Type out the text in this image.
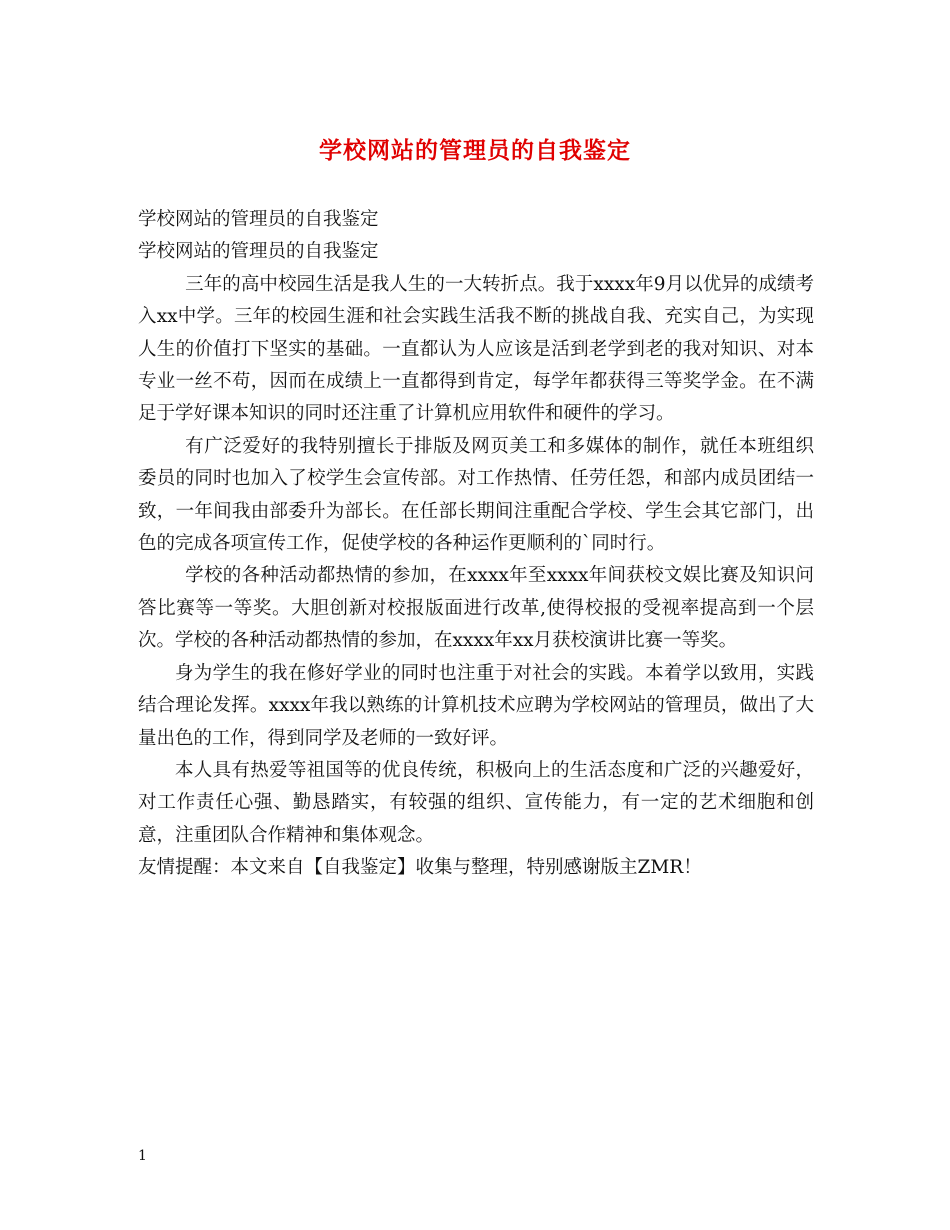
学校网站的管理员的自我鉴定

学校网站的管理员的自我鉴定

学校网站的管理员的自我鉴定

三年的高中校园生活是我人生的一大转折点。我于xxxx年9月以优异的成绩考入xx中学。三年的校园生涯和社会实践生活我不断的挑战自我、充实自己，为实现人生的价值打下坚实的基础。一直都认为人应该是活到老学到老的我对知识、对本专业一丝不苟，因而在成绩上一直都得到肯定，每学年都获得三等奖学金。在不满足于学好课本知识的同时还注重了计算机应用软件和硬件的学习。

有广泛爱好的我特别擅长于排版及网页美工和多媒体的制作，就任本班组织委员的同时也加入了校学生会宣传部。对工作热情、任劳任怨，和部内成员团结一致，一年间我由部委升为部长。在任部长期间注重配合学校、学生会其它部门，出色的完成各项宣传工作，促使学校的各种运作更顺利的`同时行。

学校的各种活动都热情的参加，在xxxx年至xxxx年间获校文娱比赛及知识问答比赛等一等奖。大胆创新对校报版面进行改革,使得校报的受视率提高到一个层次。学校的各种活动都热情的参加，在xxxx年xx月获校演讲比赛一等奖。

身为学生的我在修好学业的同时也注重于对社会的实践。本着学以致用，实践结合理论发挥。xxxx年我以熟练的计算机技术应聘为学校网站的管理员，做出了大量出色的工作，得到同学及老师的一致好评。

本人具有热爱等祖国等的优良传统，积极向上的生活态度和广泛的兴趣爱好，对工作责任心强、勤恳踏实，有较强的组织、宣传能力，有一定的艺术细胞和创意，注重团队合作精神和集体观念。

友情提醒：本文来自【自我鉴定】收集与整理，特别感谢版主ZMR！

1
